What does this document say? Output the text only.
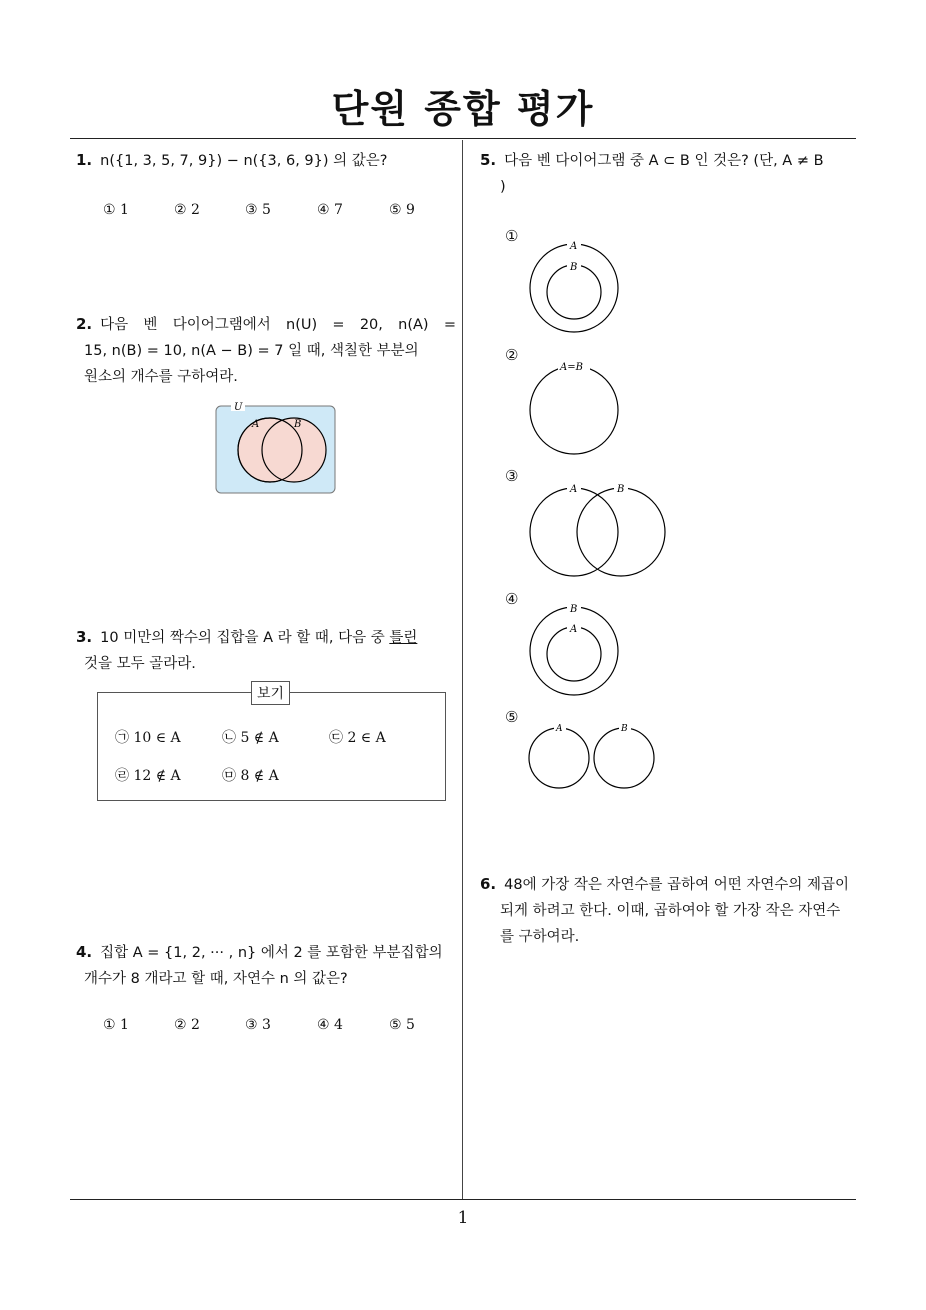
단원 종합 평가
1. n({1, 3, 5, 7, 9}) − n({3, 6, 9}) 의 값은?
① 1	② 2	③ 5	④ 7	⑤ 9
2. 다음 벤 다이어그램에서 n(U) = 20, n(A) =
15, n(B) = 10, n(A − B) = 7 일 때, 색칠한 부분의
원소의 개수를 구하여라.
U
A	B
3. 10 미만의 짝수의 집합을 A 라 할 때, 다음 중 틀린
것을 모두 골라라.
보기
㉠ 10 ∈ A	㉡ 5 ∉ A	㉢ 2 ∈ A
㉣ 12 ∉ A	㉤ 8 ∉ A
4. 집합 A = {1, 2, ··· , n} 에서 2 를 포함한 부분집합의
개수가 8 개라고 할 때, 자연수 n 의 값은?
① 1	② 2	③ 3	④ 4	⑤ 5
5. 다음 벤 다이어그램 중 A ⊂ B 인 것은? (단, A ≠ B
)
①
A
B
②
A=B
③
A	B
④
B
A
⑤
A	B
6. 48에 가장 작은 자연수를 곱하여 어떤 자연수의 제곱이
되게 하려고 한다. 이때, 곱하여야 할 가장 작은 자연수
를 구하여라.
1
